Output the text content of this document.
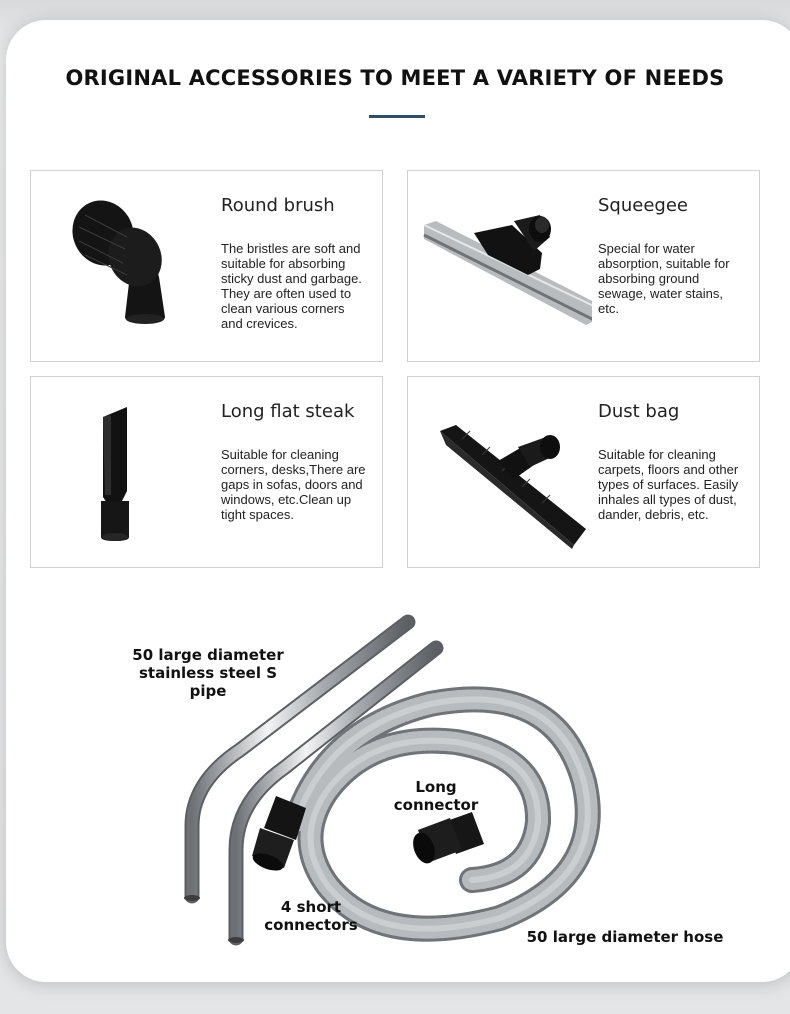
ORIGINAL ACCESSORIES TO MEET A VARIETY OF NEEDS
Round brush
The bristles are soft and suitable for absorbing sticky dust and garbage. They are often used to clean various corners and crevices.
Squeegee
Special for water absorption, suitable for absorbing ground sewage, water stains, etc.
Long flat steak
Suitable for cleaning corners, desks,There are gaps in sofas, doors and windows, etc.Clean up tight spaces.
Dust bag
Suitable for cleaning carpets, floors and other types of surfaces. Easily inhales all types of dust, dander, debris, etc.
50 large diameter
stainless steel S pipe
Long
connector
4 short
connectors
50 large diameter hose
